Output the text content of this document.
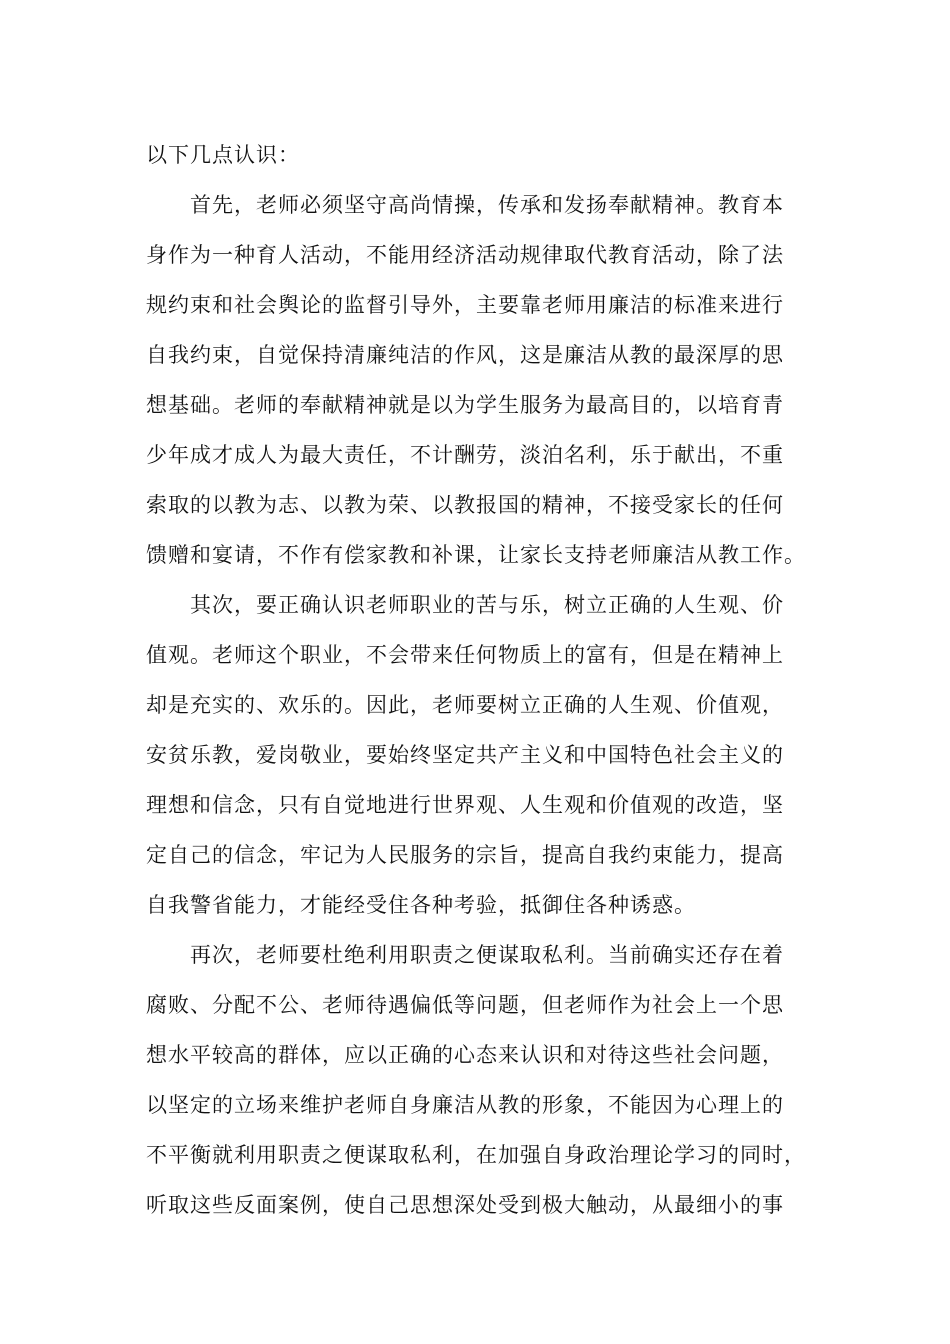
以下几点认识：
首先，老师必须坚守高尚情操，传承和发扬奉献精神。教育本
身作为一种育人活动，不能用经济活动规律取代教育活动，除了法
规约束和社会舆论的监督引导外，主要靠老师用廉洁的标准来进行
自我约束，自觉保持清廉纯洁的作风，这是廉洁从教的最深厚的思
想基础。老师的奉献精神就是以为学生服务为最高目的，以培育青
少年成才成人为最大责任，不计酬劳，淡泊名利，乐于献出，不重
索取的以教为志、以教为荣、以教报国的精神，不接受家长的任何
馈赠和宴请，不作有偿家教和补课，让家长支持老师廉洁从教工作。
其次，要正确认识老师职业的苦与乐，树立正确的人生观、价
值观。老师这个职业，不会带来任何物质上的富有，但是在精神上
却是充实的、欢乐的。因此，老师要树立正确的人生观、价值观，
安贫乐教，爱岗敬业，要始终坚定共产主义和中国特色社会主义的
理想和信念，只有自觉地进行世界观、人生观和价值观的改造，坚
定自己的信念，牢记为人民服务的宗旨，提高自我约束能力，提高
自我警省能力，才能经受住各种考验，抵御住各种诱惑。
再次，老师要杜绝利用职责之便谋取私利。当前确实还存在着
腐败、分配不公、老师待遇偏低等问题，但老师作为社会上一个思
想水平较高的群体，应以正确的心态来认识和对待这些社会问题，
以坚定的立场来维护老师自身廉洁从教的形象，不能因为心理上的
不平衡就利用职责之便谋取私利，在加强自身政治理论学习的同时，
听取这些反面案例，使自己思想深处受到极大触动，从最细小的事
